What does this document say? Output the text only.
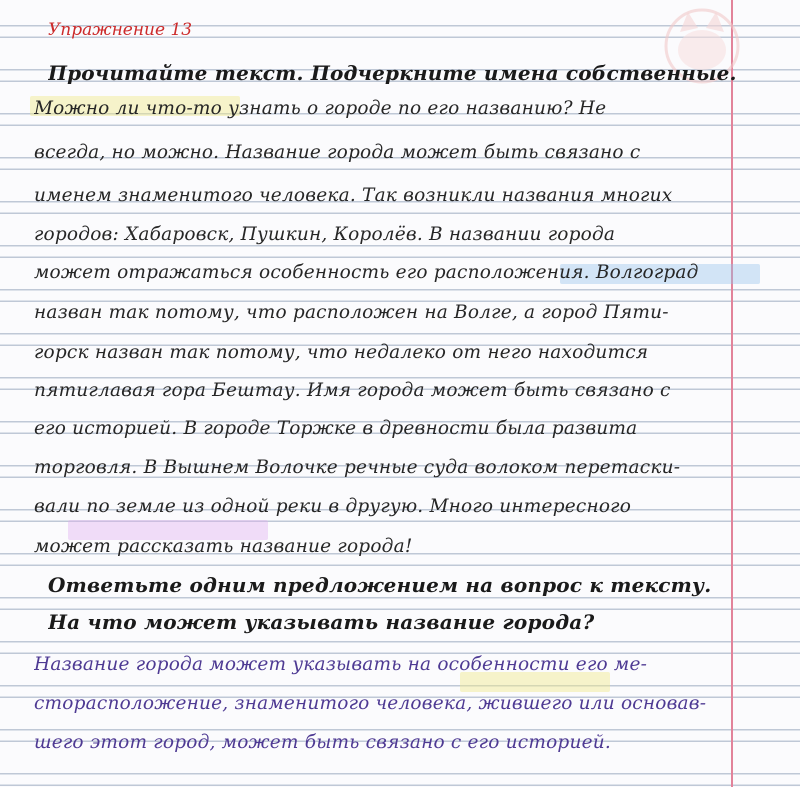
Упражнение 13
Прочитайте текст. Подчеркните имена собственные.
Можно ли что-то узнать о городе по его названию? Не
всегда, но можно. Название города может быть связано с
именем знаменитого человека. Так возникли названия многих
городов: Хабаровск, Пушкин, Королёв. В названии города
может отражаться особенность его расположения. Волгоград
назван так потому, что расположен на Волге, а город Пяти-
горск назван так потому, что недалеко от него находится
пятиглавая гора Бештау. Имя города может быть связано с
его историей. В городе Торжке в древности была развита
торговля. В Вышнем Волочке речные суда волоком перетаски-
вали по земле из одной реки в другую. Много интересного
может рассказать название города!
Ответьте одним предложением на вопрос к тексту.
На что может указывать название города?
Название города может указывать на особенности его ме-
сторасположение, знаменитого человека, жившего или основав-
шего этот город, может быть связано с его историей.
